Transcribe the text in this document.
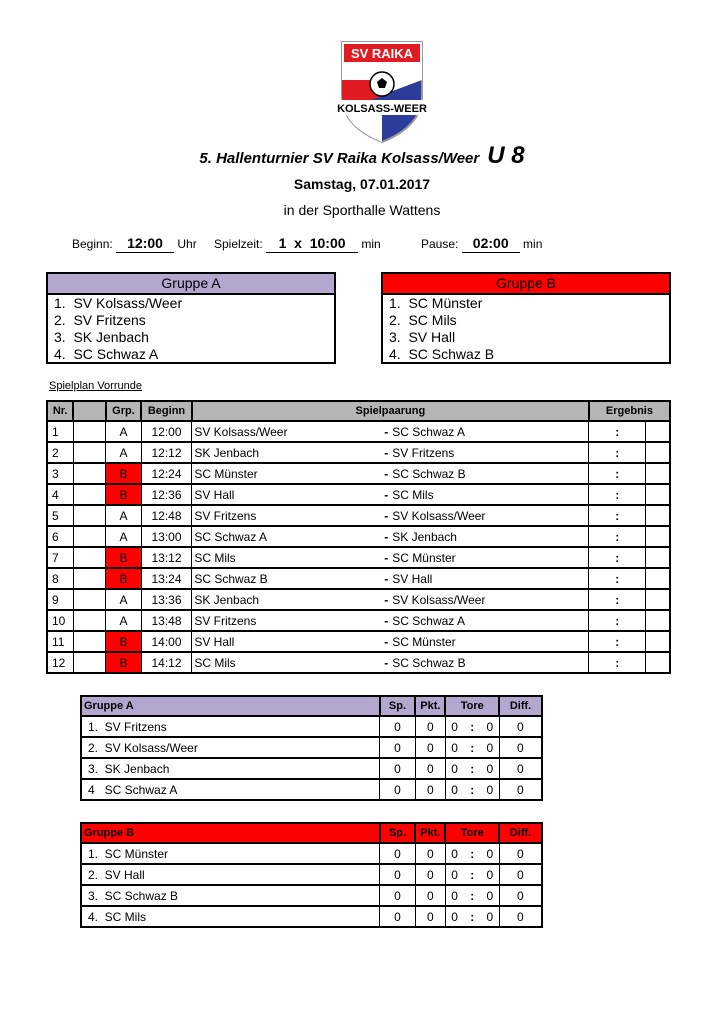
SV RAIKA
KOLSASS-WEER
5. Hallenturnier SV Raika Kolsass/Weer U 8
Samstag, 07.01.2017
in der Sporthalle Wattens
Beginn: 12:00 Uhr Spielzeit: 1  x  10:00 min	Pause: 02:00 min
Gruppe A
1.  SV Kolsass/Weer
2.  SV Fritzens
3.  SK Jenbach
4.  SC Schwaz A
Gruppe B
1.  SC Münster
2.  SC Mils
3.  SV Hall
4.  SC Schwaz B
Spielplan Vorrunde
Nr.		Grp.	Beginn	Spielpaarung		Ergebnis	
1		A	12:00	SV Kolsass/Weer	- SC Schwaz A	:	
2		A	12:12	SK Jenbach	- SV Fritzens	:	
3		B	12:24	SC Münster	- SC Schwaz B	:	
4		B	12:36	SV Hall	- SC Mils	:	
5		A	12:48	SV Fritzens	- SV Kolsass/Weer	:	
6		A	13:00	SC Schwaz A	- SK Jenbach	:	
7		B	13:12	SC Mils	- SC Münster	:	
8		B	13:24	SC Schwaz B	- SV Hall	:	
9		A	13:36	SK Jenbach	- SV Kolsass/Weer	:	
10		A	13:48	SV Fritzens	- SC Schwaz A	:	
11		B	14:00	SV Hall	- SC Münster	:	
12		B	14:12	SC Mils	- SC Schwaz B	:	
Gruppe A	Sp.	Pkt.	Tore			Diff.
1.  SV Fritzens	0	0	0	:	0	0
2.  SV Kolsass/Weer	0	0	0	:	0	0
3.  SK Jenbach	0	0	0	:	0	0
4   SC Schwaz A	0	0	0	:	0	0
Gruppe B	Sp.	Pkt.	Tore			Diff.
1.  SC Münster	0	0	0	:	0	0
2.  SV Hall	0	0	0	:	0	0
3.  SC Schwaz B	0	0	0	:	0	0
4.  SC Mils	0	0	0	:	0	0
